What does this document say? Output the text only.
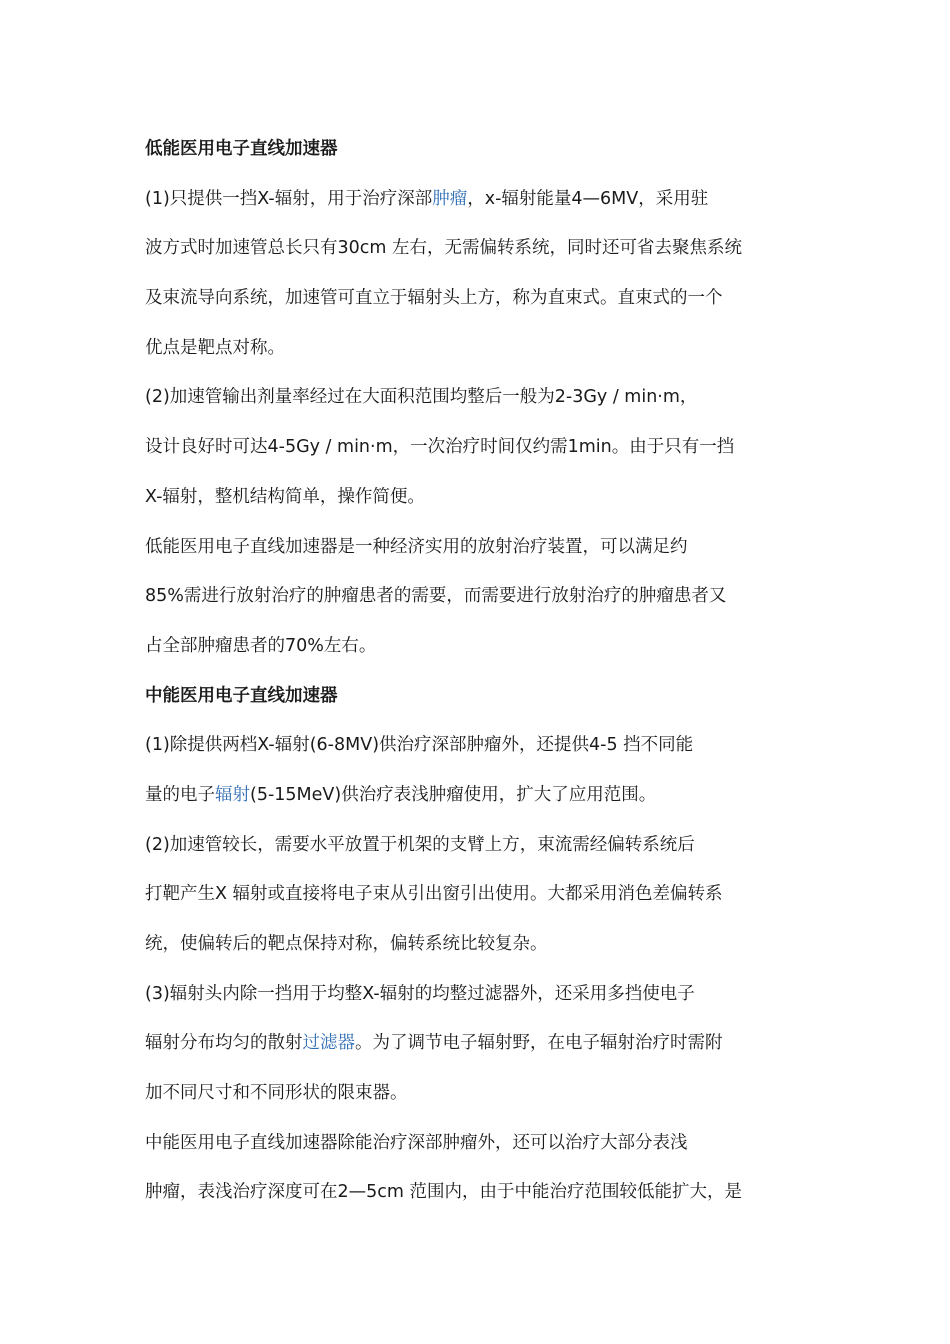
低能医用电子直线加速器
(1)只提供一挡X-辐射，用于治疗深部肿瘤，x-辐射能量4—6MV，采用驻
波方式时加速管总长只有30cm 左右，无需偏转系统，同时还可省去聚焦系统
及束流导向系统，加速管可直立于辐射头上方，称为直束式。直束式的一个
优点是靶点对称。
(2)加速管输出剂量率经过在大面积范围均整后一般为2-3Gy / min·m，
设计良好时可达4-5Gy / min·m，一次治疗时间仅约需1min。由于只有一挡
X-辐射，整机结构简单，操作简便。
低能医用电子直线加速器是一种经济实用的放射治疗装置，可以满足约
85%需进行放射治疗的肿瘤患者的需要，而需要进行放射治疗的肿瘤患者又
占全部肿瘤患者的70%左右。
中能医用电子直线加速器
(1)除提供两档X-辐射(6-8MV)供治疗深部肿瘤外，还提供4-5 挡不同能
量的电子辐射(5-15MeV)供治疗表浅肿瘤使用，扩大了应用范围。
(2)加速管较长，需要水平放置于机架的支臂上方，束流需经偏转系统后
打靶产生X 辐射或直接将电子束从引出窗引出使用。大都采用消色差偏转系
统，使偏转后的靶点保持对称，偏转系统比较复杂。
(3)辐射头内除一挡用于均整X-辐射的均整过滤器外，还采用多挡使电子
辐射分布均匀的散射过滤器。为了调节电子辐射野，在电子辐射治疗时需附
加不同尺寸和不同形状的限束器。
中能医用电子直线加速器除能治疗深部肿瘤外，还可以治疗大部分表浅
肿瘤，表浅治疗深度可在2—5cm 范围内，由于中能治疗范围较低能扩大，是
